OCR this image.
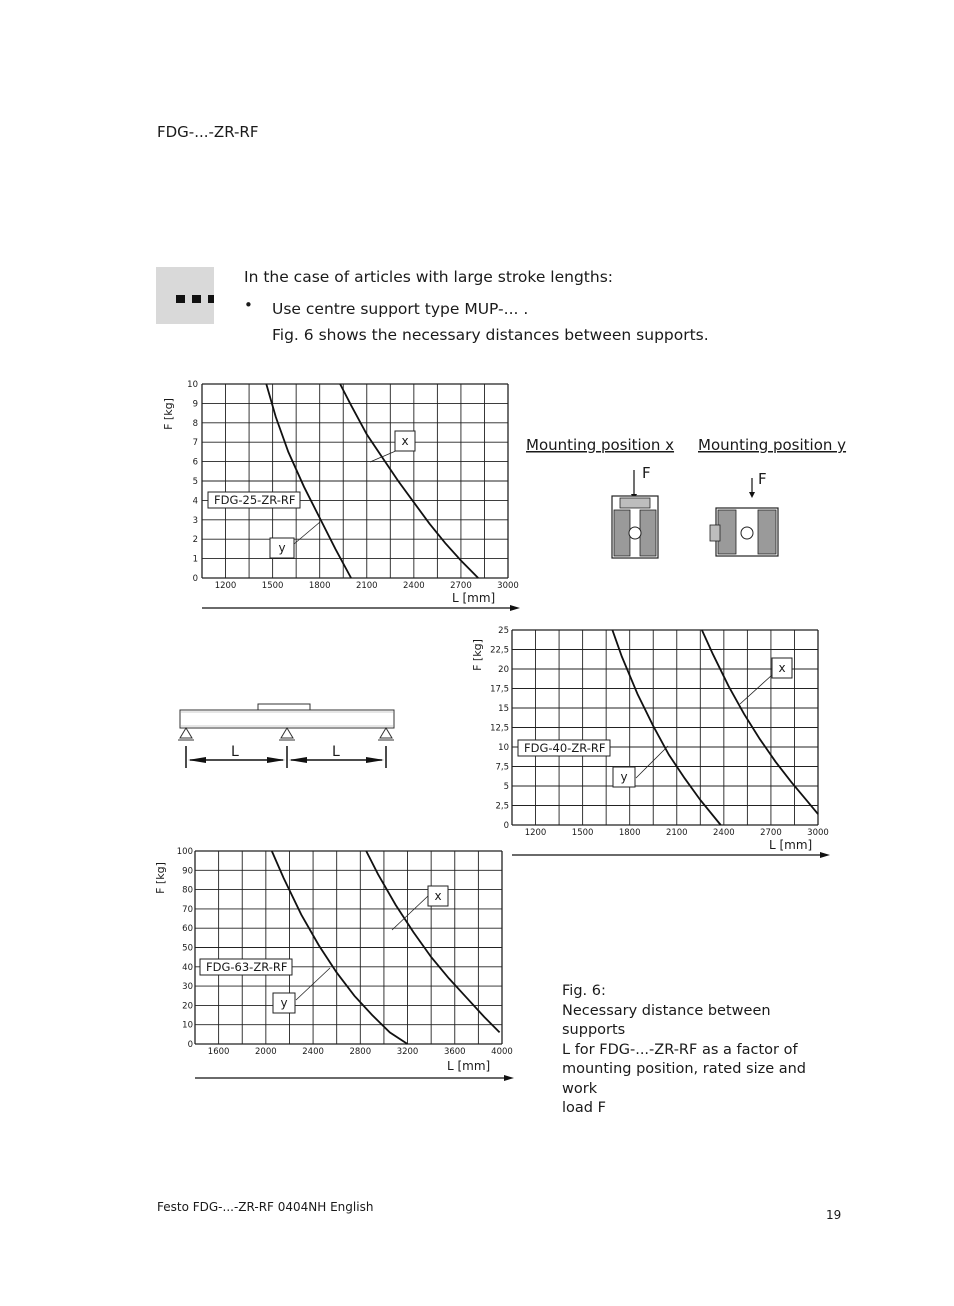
FDG-...-ZR-RF
In the case of articles with large stroke lengths:
• Use centre support type MUP-... .
Fig. 6 shows the necessary distances between supports.
1200	1500	1800	2100	2400	2700	3000
0
1
2
3
4
5
6
7
8
9
10
L [mm]
F [kg]
FDG-25-ZR-RF
y
x
1200	1500	1800	2100	2400	2700	3000
0
2,5
5
7,5
10
12,5
15
17,5
20
22,5
25
L [mm]
F [kg]
FDG-40-ZR-RF
y
x
1600	2000	2400	2800	3200	3600	4000
0
10
20
30
40
50
60
70
80
90
100
L [mm]
F [kg]
FDG-63-ZR-RF
y
x
Mounting position x Mounting position y
F	F
L	L
Fig. 6:
Necessary distance between supports
L for FDG-...-ZR-RF as a factor of
mounting position, rated size and work
load F
Festo FDG-...-ZR-RF 0404NH English
19
